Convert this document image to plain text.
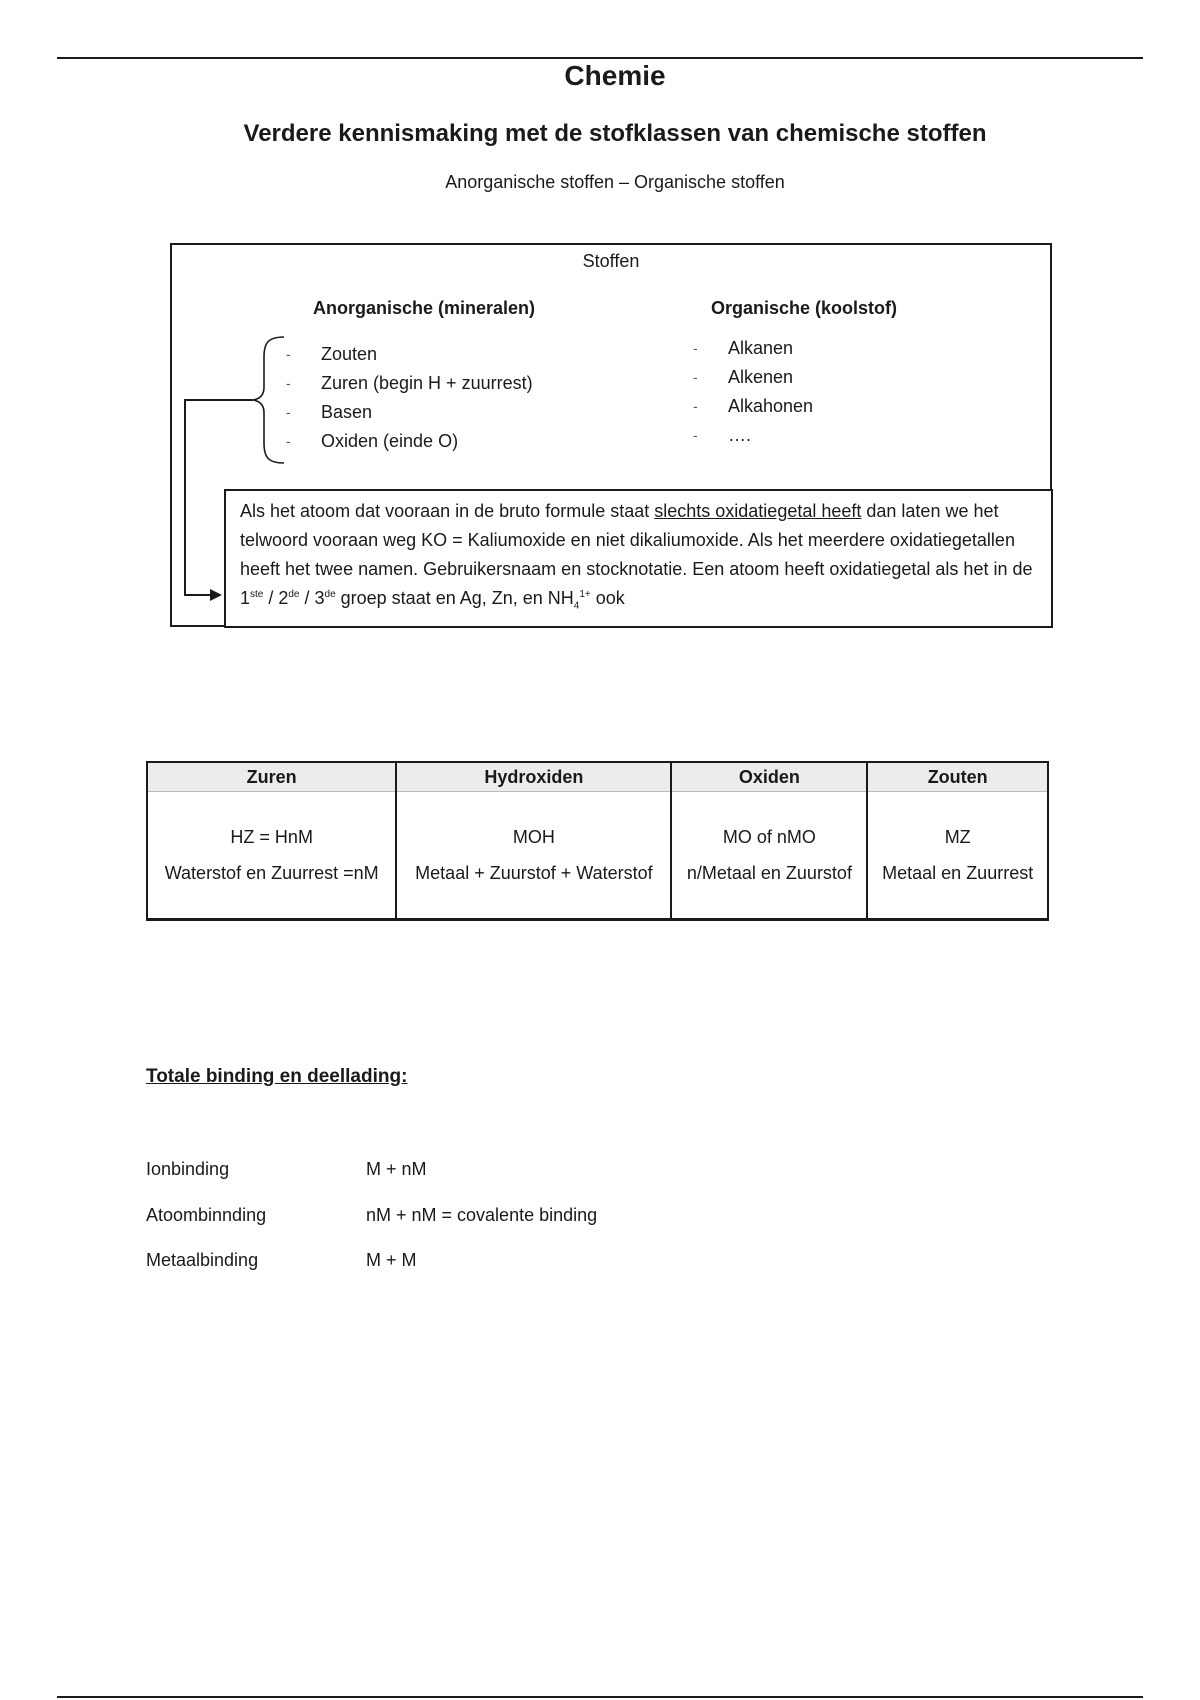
Chemie
Verdere kennismaking met de stofklassen van chemische stoffen
Anorganische stoffen – Organische stoffen
Stoffen
Anorganische (mineralen)	Organische (koolstof)
- Zouten
- Zuren (begin H + zuurrest)
- Basen
- Oxiden (einde O)
- Alkanen
- Alkenen
- Alkahonen
- ….
Als het atoom dat vooraan in de bruto formule staat slechts oxidatiegetal heeft dan laten we het telwoord vooraan weg KO = Kaliumoxide en niet dikaliumoxide. Als het meerdere oxidatiegetallen heeft het twee namen. Gebruikersnaam en stocknotatie. Een atoom heeft oxidatiegetal als het in de 1ste / 2de / 3de groep staat en Ag, Zn, en $NH_4^{1+}$ ook
Zuren	Hydroxiden	Oxiden	Zouten
HZ = HnM	MOH	MO of nMO	MZ
Waterstof en Zuurrest =nM	Metaal + Zuurstof + Waterstof	n/Metaal en Zuurstof	Metaal en Zuurrest
Totale binding en deellading:
Ionbinding	M + nM
Atoombinnding	nM + nM = covalente binding
Metaalbinding	M + M
